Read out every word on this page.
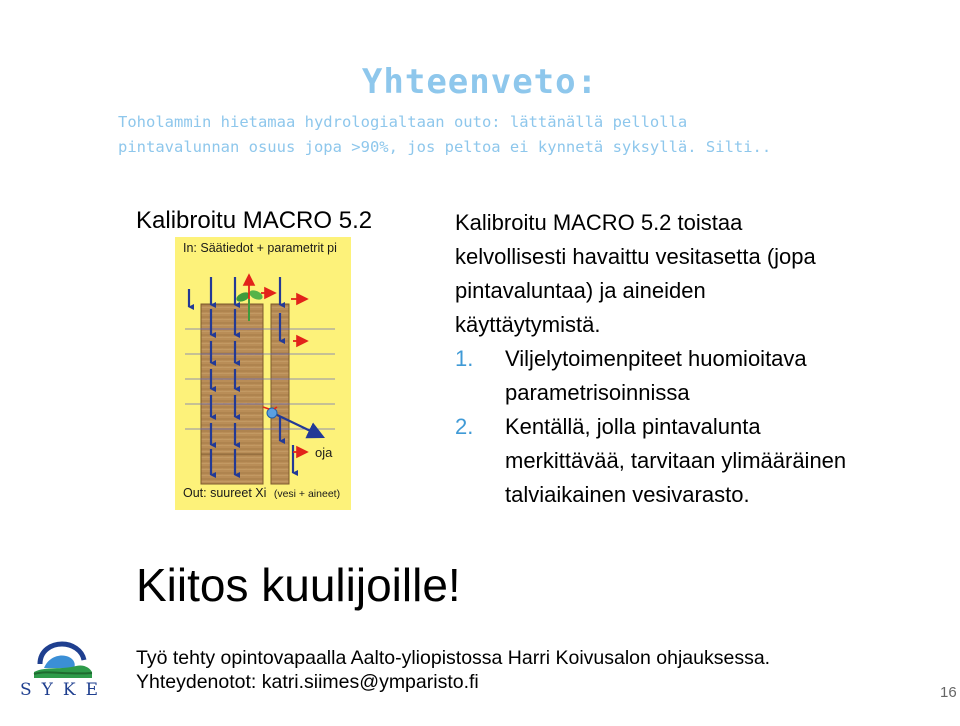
Yhteenveto:
Toholammin hietamaa hydrologialtaan outo: lättänällä pellolla
pintavalunnan osuus jopa >90%, jos peltoa ei kynnetä syksyllä. Silti..
Kalibroitu MACRO 5.2
In: Säätiedot + parametrit pi
oja
Out: suureet Xi (vesi + aineet)
Kalibroitu MACRO 5.2 toistaa
kelvollisesti havaittu vesitasetta (jopa
pintavaluntaa) ja aineiden
käyttäytymistä.
1. Viljelytoimenpiteet huomioitava
parametrisoinnissa
2. Kentällä, jolla pintavalunta
merkittävää, tarvitaan ylimääräinen
talviaikainen vesivarasto.
Kiitos kuulijoille!
SYKE
Työ tehty opintovapaalla Aalto-yliopistossa Harri Koivusalon ohjauksessa.
Yhteydenotot: katri.siimes@ymparisto.fi	16
